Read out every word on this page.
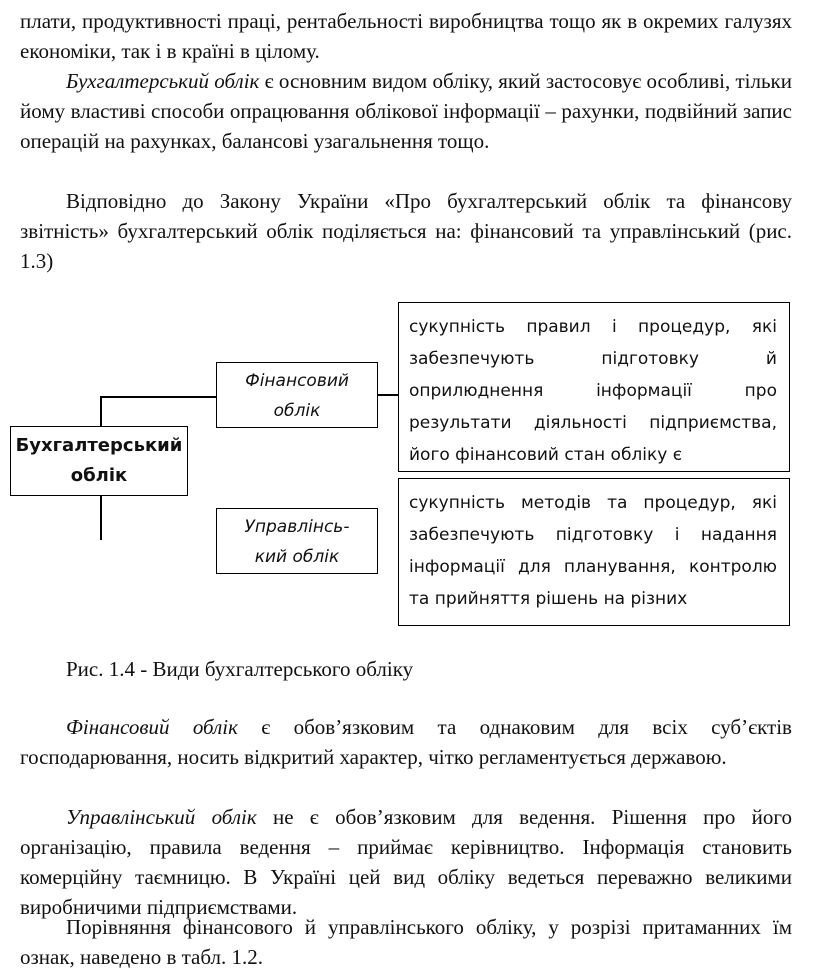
плати, продуктивності праці, рентабельності виробництва тощо як в окремих галузях економіки, так і в країні в цілому.

Бухгалтерський облік є основним видом обліку, який застосовує особливі, тільки йому властиві способи опрацювання облікової інформації – рахунки, подвійний запис операцій на рахунках, балансові узагальнення тощо.

Відповідно до Закону України «Про бухгалтерський облік та фінансову звітність» бухгалтерський облік поділяється на: фінансовий та управлінський (рис. 1.3)

Бухгалтерський
облік
Фінансовий
облік
Управлінсь-
кий облік
сукупність правил і процедур, які забезпечують підготовку й оприлюднення інформації про результати діяльності підприємства, його фінансовий стан обліку є
сукупність методів та процедур, які забезпечують підготовку і надання інформації для планування, контролю та прийняття рішень на різних

Рис. 1.4 - Види бухгалтерського обліку

Фінансовий облік є обов’язковим та однаковим для всіх суб’єктів господарювання, носить відкритий характер, чітко регламентується державою.

Управлінський облік не є обов’язковим для ведення. Рішення про його організацію, правила ведення – приймає керівництво. Інформація становить комерційну таємницю. В Україні цей вид обліку ведеться переважно великими виробничими підприємствами.

Порівняння фінансового й управлінського обліку, у розрізі притаманних їм ознак, наведено в табл. 1.2.
